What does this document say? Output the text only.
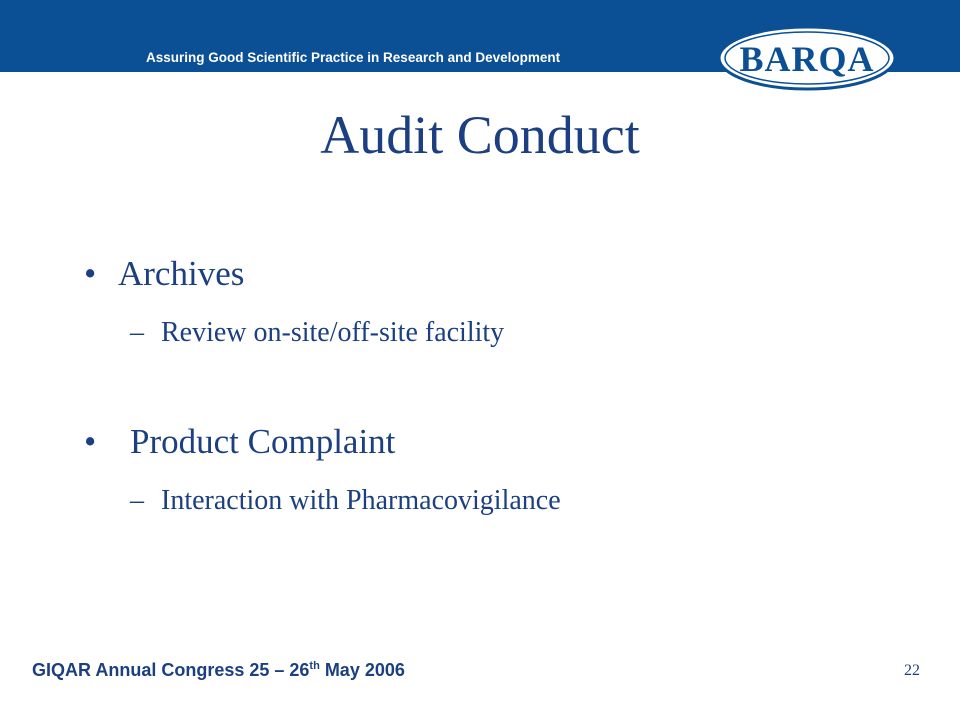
Assuring Good Scientific Practice in Research and Development	BARQA
Audit Conduct
• Archives
– Review on-site/off-site facility
• Product Complaint
– Interaction with Pharmacovigilance
GIQAR Annual Congress 25 – 26th May 2006	22
